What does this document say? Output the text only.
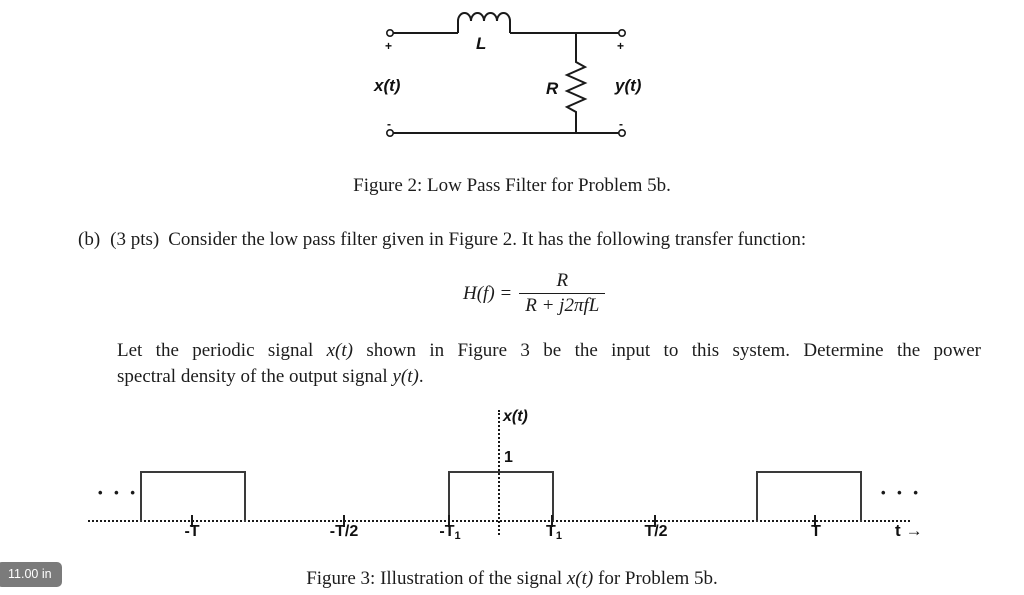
+	+
-	-
L
R
x(t)	y(t)
Figure 2: Low Pass Filter for Problem 5b.
(b) (3 pts) Consider the low pass filter given in Figure 2. It has the following transfer function:
$H(f) = \frac{R}{\text{R + j2πfL}}$
Let the periodic signal x(t) shown in Figure 3 be the input to this system. Determine the power
spectral density of the output signal y(t).
-T	-T/2	$-T_1$	$T_1$	T/2	T
x(t)
1
• • •	• • •
t →
Figure 3: Illustration of the signal x(t) for Problem 5b.
11.00 in
